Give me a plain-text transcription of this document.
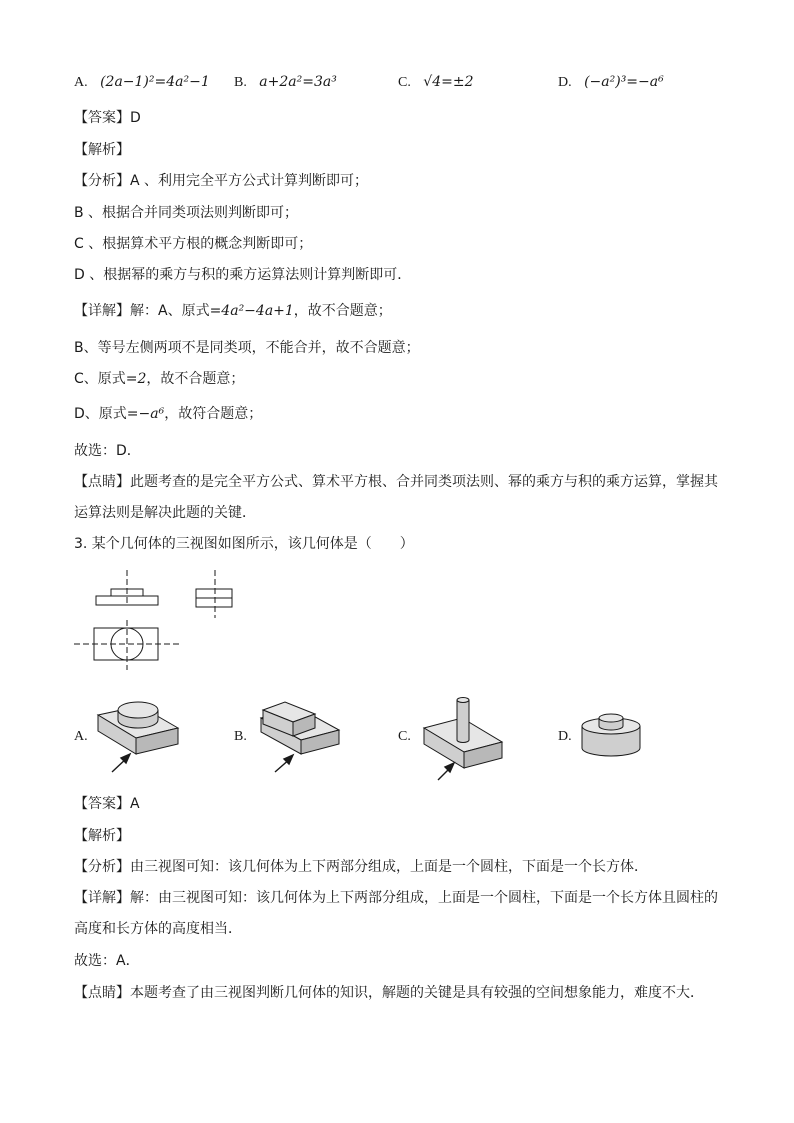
A. (2a−1)²=4a²−1 B. a+2a²=3a³	C. √4=±2	D. (−a²)³=−a⁶
【答案】D
【解析】
【分析】A 、利用完全平方公式计算判断即可；
B 、根据合并同类项法则判断即可；
C 、根据算术平方根的概念判断即可；
D 、根据幂的乘方与积的乘方运算法则计算判断即可．
【详解】解：A、原式=4a²−4a+1，故不合题意；
B、等号左侧两项不是同类项，不能合并，故不合题意；
C、原式=2，故不合题意；
D、原式=−a⁶，故符合题意；
故选：D．
【点睛】此题考查的是完全平方公式、算术平方根、合并同类项法则、幂的乘方与积的乘方运算，掌握其
运算法则是解决此题的关键．
3. 某个几何体的三视图如图所示，该几何体是（　　）
A.	B.	C.	D.
【答案】A
【解析】
【分析】由三视图可知：该几何体为上下两部分组成，上面是一个圆柱，下面是一个长方体．
【详解】解：由三视图可知：该几何体为上下两部分组成，上面是一个圆柱，下面是一个长方体且圆柱的
高度和长方体的高度相当．
故选：A．
【点睛】本题考查了由三视图判断几何体的知识，解题的关键是具有较强的空间想象能力，难度不大．
